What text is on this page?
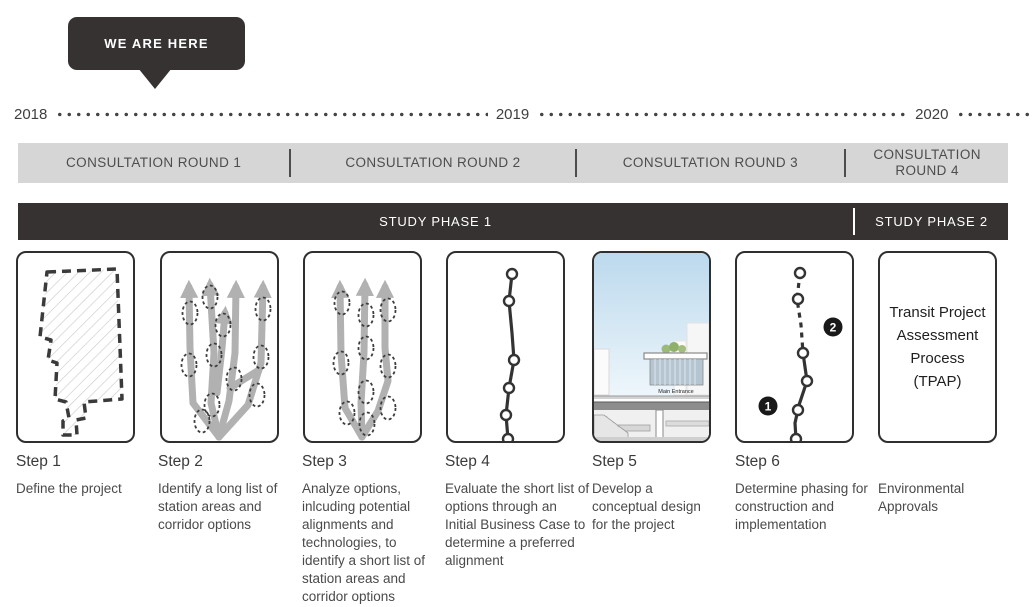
WE ARE HERE
2018	2019	2020
CONSULTATION ROUND 1	CONSULTATION ROUND 2	CONSULTATION ROUND 3
CONSULTATION ROUND 4
STUDY PHASE 1	STUDY PHASE 2
Main Entrance
1
2
Transit Project Assessment Process (TPAP)
Step 1
Define the project
Step 2
Identify a long list of station areas and corridor options
Step 3
Analyze options, inlcuding potential alignments and technologies, to identify a short list of station areas and corridor options
Step 4
Evaluate the short list of options through an Initial Business Case to determine a preferred alignment
Step 5
Develop a conceptual design for the project
Step 6
Determine phasing for construction and implementation
Environmental Approvals
